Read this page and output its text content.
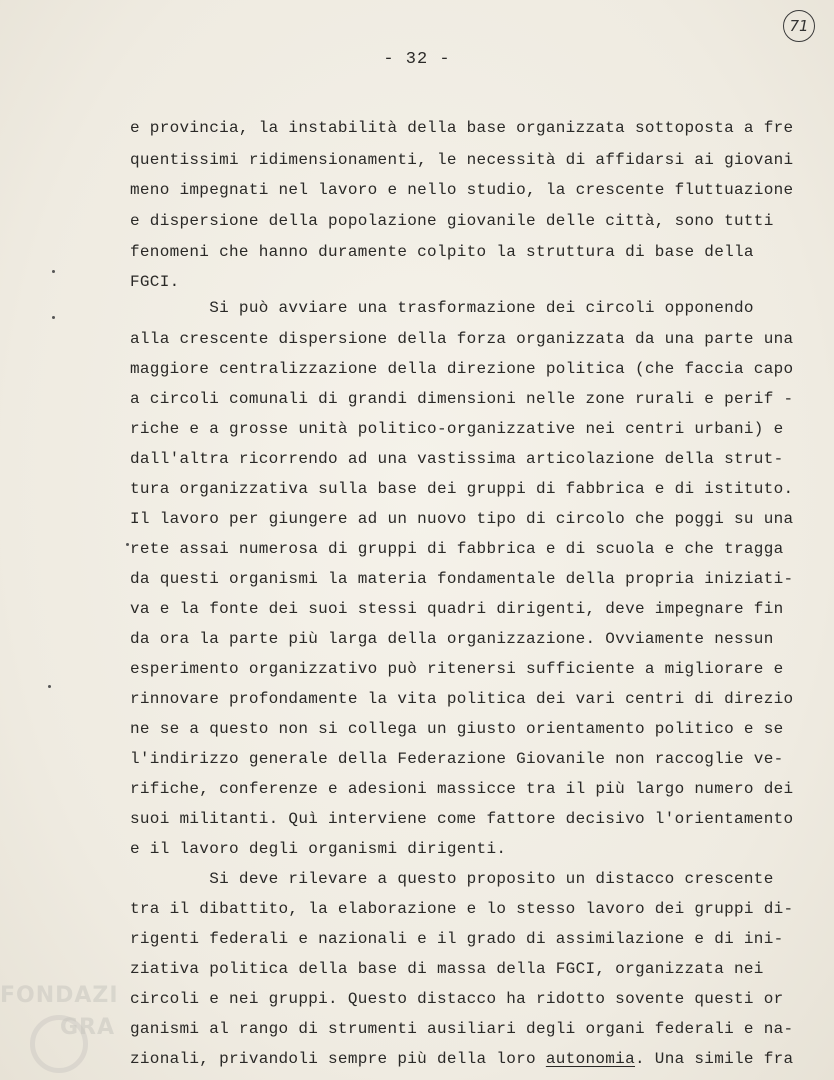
71
- 32 -
e provincia, la instabilità della base organizzata sottoposta a fre
quentissimi ridimensionamenti, le necessità di affidarsi ai giovani
meno impegnati nel lavoro e nello studio, la crescente fluttuazione
e dispersione della popolazione giovanile delle città, sono tutti
fenomeni che hanno duramente colpito la struttura di base della
FGCI.
Si può avviare una trasformazione dei circoli opponendo
alla crescente dispersione della forza organizzata da una parte una
maggiore centralizzazione della direzione politica (che faccia capo
a circoli comunali di grandi dimensioni nelle zone rurali e perif -
riche e a grosse unità politico-organizzative nei centri urbani) e
dall'altra ricorrendo ad una vastissima articolazione della strut-
tura organizzativa sulla base dei gruppi di fabbrica e di istituto.
Il lavoro per giungere ad un nuovo tipo di circolo che poggi su una
rete assai numerosa di gruppi di fabbrica e di scuola e che tragga
da questi organismi la materia fondamentale della propria iniziati-
va e la fonte dei suoi stessi quadri dirigenti, deve impegnare fin
da ora la parte più larga della organizzazione. Ovviamente nessun
esperimento organizzativo può ritenersi sufficiente a migliorare e
rinnovare profondamente la vita politica dei vari centri di direzio
ne se a questo non si collega un giusto orientamento politico e se
l'indirizzo generale della Federazione Giovanile non raccoglie ve-
rifiche, conferenze e adesioni massicce tra il più largo numero dei
suoi militanti. Quì interviene come fattore decisivo l'orientamento
e il lavoro degli organismi dirigenti.
Si deve rilevare a questo proposito un distacco crescente
tra il dibattito, la elaborazione e lo stesso lavoro dei gruppi di-
rigenti federali e nazionali e il grado di assimilazione e di ini-
ziativa politica della base di massa della FGCI, organizzata nei
circoli e nei gruppi. Questo distacco ha ridotto sovente questi or
ganismi al rango di strumenti ausiliari degli organi federali e na-
zionali, privandoli sempre più della loro autonomia. Una simile fra
FONDAZI
GRA
